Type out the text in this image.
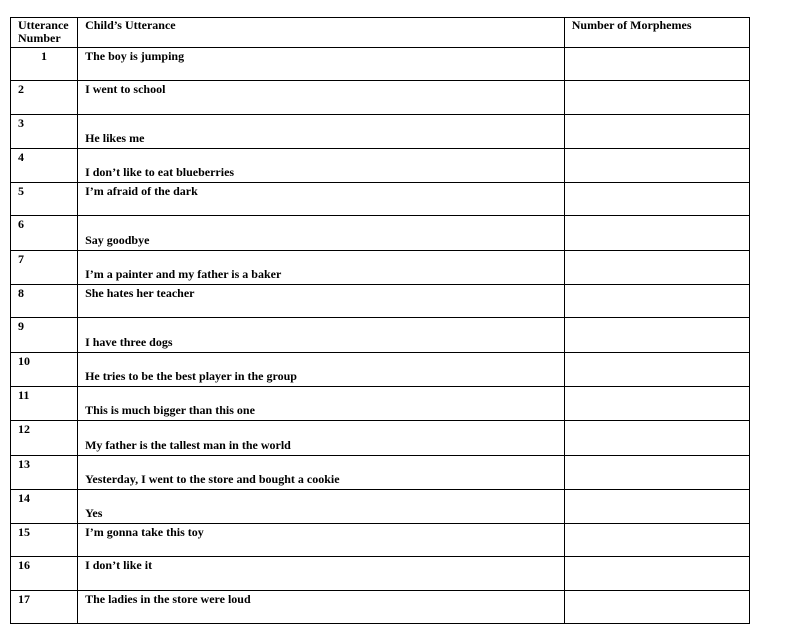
Utterance Number	Child’s Utterance	Number of Morphemes
1	The boy is jumping	
2	I went to school	
3	He likes me	
4	I don’t like to eat blueberries	
5	I’m afraid of the dark	
6	Say goodbye	
7	I’m a painter and my father is a baker	
8	She hates her teacher	
9	I have three dogs	
10	He tries to be the best player in the group	
11	This is much bigger than this one	
12	My father is the tallest man in the world	
13	Yesterday, I went to the store and bought a cookie	
14	Yes	
15	I’m gonna take this toy	
16	I don’t like it	
17	The ladies in the store were loud	
